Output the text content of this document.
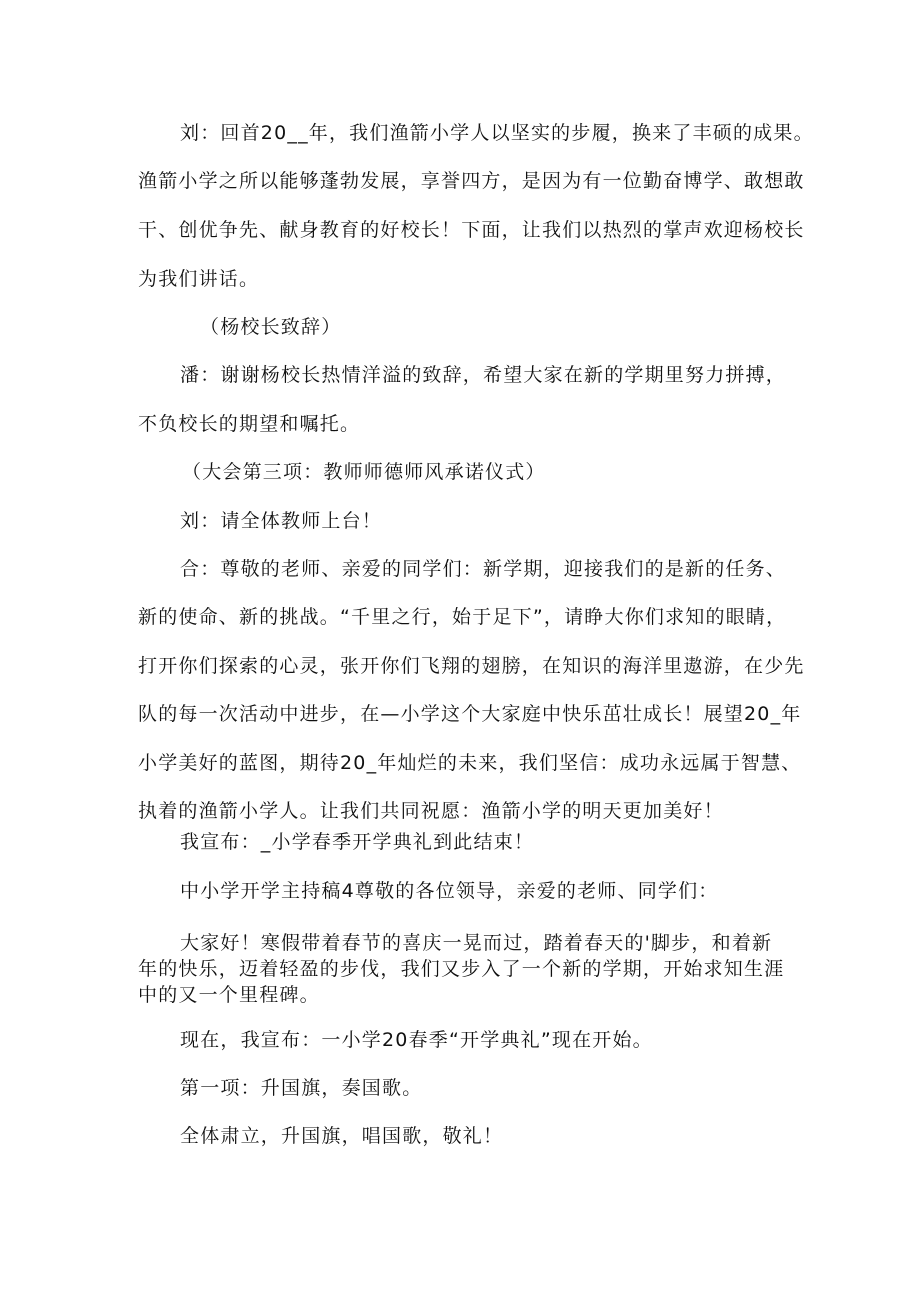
刘：回首20__年，我们渔箭小学人以坚实的步履，换来了丰硕的成果。
渔箭小学之所以能够蓬勃发展，享誉四方，是因为有一位勤奋博学、敢想敢
干、创优争先、献身教育的好校长！下面，让我们以热烈的掌声欢迎杨校长
为我们讲话。
（杨校长致辞）
潘：谢谢杨校长热情洋溢的致辞，希望大家在新的学期里努力拼搏，
不负校长的期望和嘱托。
（大会第三项：教师师德师风承诺仪式）
刘：请全体教师上台！
合：尊敬的老师、亲爱的同学们：新学期，迎接我们的是新的任务、
新的使命、新的挑战。“千里之行，始于足下”，请睁大你们求知的眼睛，
打开你们探索的心灵，张开你们飞翔的翅膀，在知识的海洋里遨游，在少先
队的每一次活动中进步，在—小学这个大家庭中快乐茁壮成长！展望20_年
小学美好的蓝图，期待20_年灿烂的未来，我们坚信：成功永远属于智慧、
执着的渔箭小学人。让我们共同祝愿：渔箭小学的明天更加美好！
我宣布：_小学春季开学典礼到此结束！
中小学开学主持稿4尊敬的各位领导，亲爱的老师、同学们：
大家好！寒假带着春节的喜庆一晃而过，踏着春天的'脚步，和着新
年的快乐，迈着轻盈的步伐，我们又步入了一个新的学期，开始求知生涯
中的又一个里程碑。
现在，我宣布：一小学20春季“开学典礼”现在开始。
第一项：升国旗，奏国歌。
全体肃立，升国旗，唱国歌，敬礼！
